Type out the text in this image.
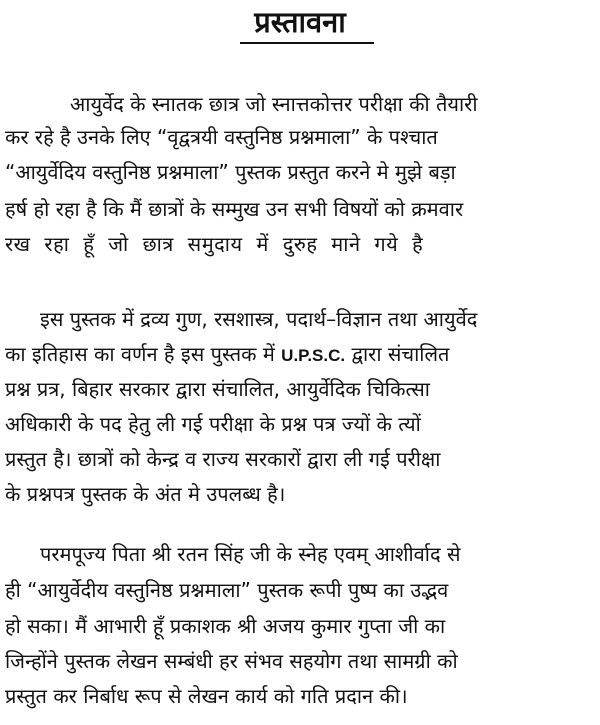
प्रस्तावना
आयुर्वेद के स्नातक छात्र जो स्नात्तकोत्तर परीक्षा की तैयारी
कर रहे है उनके लिए “वृद्वत्रयी वस्तुनिष्ठ प्रश्नमाला” के पश्चात
“आयुर्वेदिय वस्तुनिष्ठ प्रश्नमाला” पुस्तक प्रस्तुत करने मे मुझे बड़ा
हर्ष हो रहा है कि मैं छात्रों के सम्मुख उन सभी विषयों को क्रमवार
रख रहा हूँ जो छात्र समुदाय में दुरुह माने गये है
इस पुस्तक में द्रव्य गुण, रसशास्त्र, पदार्थ–विज्ञान तथा आयुर्वेद
का इतिहास का वर्णन है इस पुस्तक में U.P.S.C. द्वारा संचालित
प्रश्न प्रत्र, बिहार सरकार द्वारा संचालित, आयुर्वेदिक चिकित्सा
अधिकारी के पद हेतु ली गई परीक्षा के प्रश्न पत्र ज्यों के त्यों
प्रस्तुत है। छात्रों को केन्द्र व राज्य सरकारों द्वारा ली गई परीक्षा
के प्रश्नपत्र पुस्तक के अंत मे उपलब्ध है।
परमपूज्य पिता श्री रतन सिंह जी के स्नेह एवम् आशीर्वाद से
ही “आयुर्वेदीय वस्तुनिष्ठ प्रश्नमाला” पुस्तक रूपी पुष्प का उद्भव
हो सका। मैं आभारी हूँ प्रकाशक श्री अजय कुमार गुप्ता जी का
जिन्होंने पुस्तक लेखन सम्बंधी हर संभव सहयोग तथा सामग्री को
प्रस्तुत कर निर्बाध रूप से लेखन कार्य को गति प्रदान की।
